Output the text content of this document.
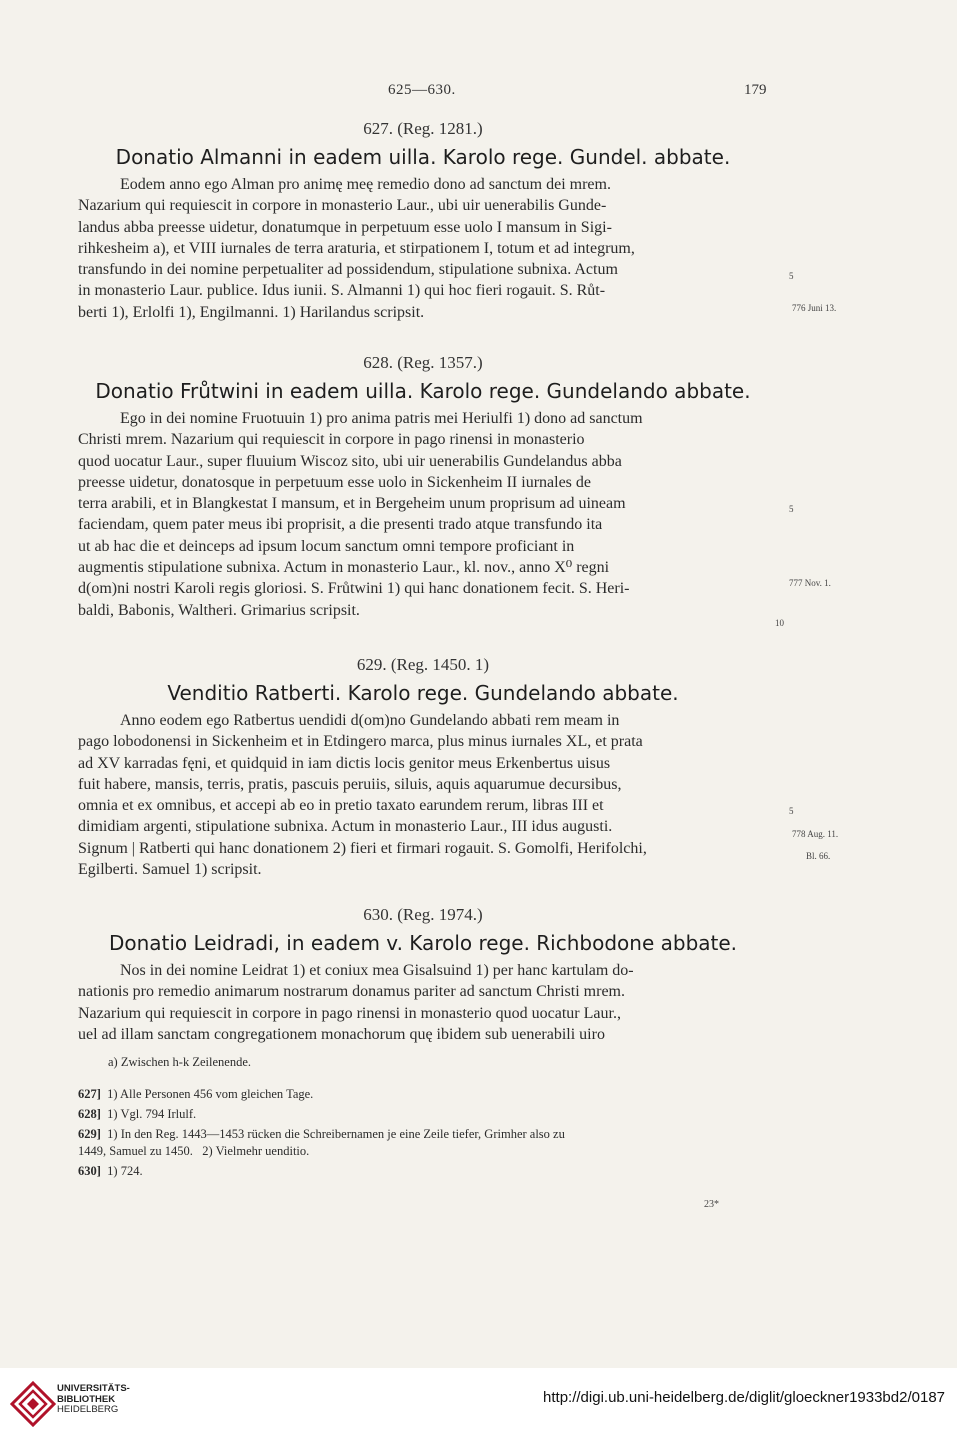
625—630.	179
627. (Reg. 1281.)
Donatio Almanni in eadem uilla. Karolo rege. Gundel. abbate.
Eodem anno ego Alman pro animę meę remedio dono ad sanctum dei mrem.
Nazarium qui requiescit in corpore in monasterio Laur., ubi uir uenerabilis Gunde-
landus abba preesse uidetur, donatumque in perpetuum esse uolo I mansum in Sigi-
rihkesheim a), et VIII iurnales de terra araturia, et stirpationem I, totum et ad integrum,
transfundo in dei nomine perpetualiter ad possidendum, stipulatione subnixa. Actum
in monasterio Laur. publice. Idus iunii. S. Almanni 1) qui hoc fieri rogauit. S. Růt-
berti 1), Erlolfi 1), Engilmanni. 1) Harilandus scripsit.
5
776 Juni 13.
628. (Reg. 1357.)
Donatio Frůtwini in eadem uilla. Karolo rege. Gundelando abbate.
Ego in dei nomine Fruotuuin 1) pro anima patris mei Heriulfi 1) dono ad sanctum
Christi mrem. Nazarium qui requiescit in corpore in pago rinensi in monasterio
quod uocatur Laur., super fluuium Wiscoz sito, ubi uir uenerabilis Gundelandus abba
preesse uidetur, donatosque in perpetuum esse uolo in Sickenheim II iurnales de
terra arabili, et in Blangkestat I mansum, et in Bergeheim unum proprisum ad uineam
faciendam, quem pater meus ibi proprisit, a die presenti trado atque transfundo ita
ut ab hac die et deinceps ad ipsum locum sanctum omni tempore proficiant in
augmentis stipulatione subnixa. Actum in monasterio Laur., kl. nov., anno X⁰ regni
d(om)ni nostri Karoli regis gloriosi. S. Frůtwini 1) qui hanc donationem fecit. S. Heri-
baldi, Babonis, Waltheri. Grimarius scripsit.
5
777 Nov. 1.
10
629. (Reg. 1450. 1)
Venditio Ratberti. Karolo rege. Gundelando abbate.
Anno eodem ego Ratbertus uendidi d(om)no Gundelando abbati rem meam in
pago lobodonensi in Sickenheim et in Etdingero marca, plus minus iurnales XL, et prata
ad XV karradas fęni, et quidquid in iam dictis locis genitor meus Erkenbertus uisus
fuit habere, mansis, terris, pratis, pascuis peruiis, siluis, aquis aquarumue decursibus,
omnia et ex omnibus, et accepi ab eo in pretio taxato earundem rerum, libras III et
dimidiam argenti, stipulatione subnixa. Actum in monasterio Laur., III idus augusti.
Signum | Ratberti qui hanc donationem 2) fieri et firmari rogauit. S. Gomolfi, Herifolchi,
Egilberti. Samuel 1) scripsit.
5
778 Aug. 11.
Bl. 66.
630. (Reg. 1974.)
Donatio Leidradi, in eadem v. Karolo rege. Richbodone abbate.
Nos in dei nomine Leidrat 1) et coniux mea Gisalsuind 1) per hanc kartulam do-
nationis pro remedio animarum nostrarum donamus pariter ad sanctum Christi mrem.
Nazarium qui requiescit in corpore in pago rinensi in monasterio quod uocatur Laur.,
uel ad illam sanctam congregationem monachorum quę ibidem sub uenerabili uiro
a) Zwischen h-k Zeilenende.
627] 1) Alle Personen 456 vom gleichen Tage.
628] 1) Vgl. 794 Irlulf.
629] 1) In den Reg. 1443—1453 rücken die Schreibernamen je eine Zeile tiefer, Grimher also zu
1449, Samuel zu 1450.   2) Vielmehr uenditio.
630] 1) 724.
23*
UNIVERSITÄTS-
BIBLIOTHEK
HEIDELBERG
http://digi.ub.uni-heidelberg.de/diglit/gloeckner1933bd2/0187
